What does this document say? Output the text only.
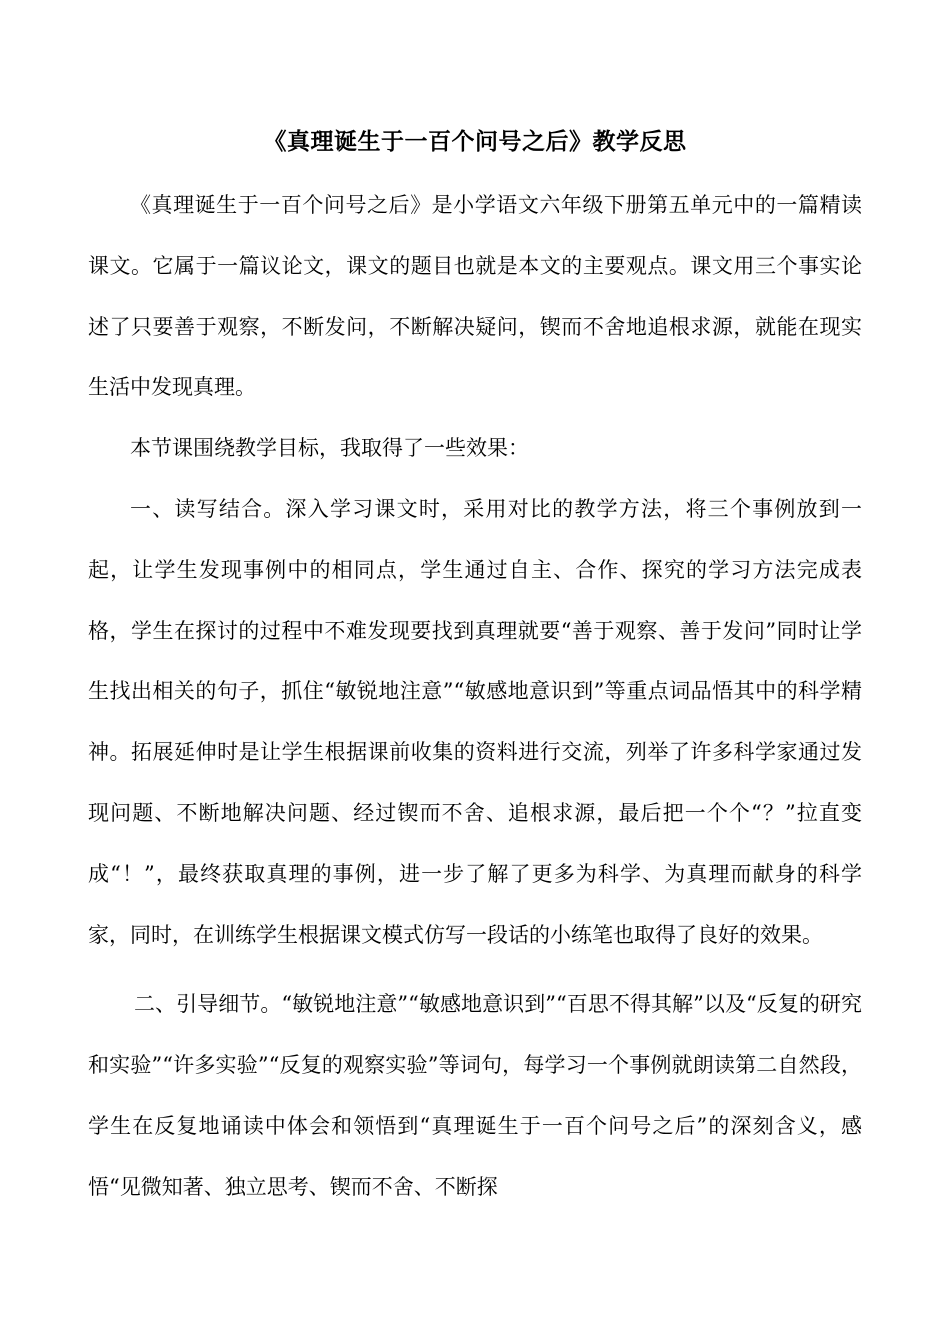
《真理诞生于一百个问号之后》教学反思

《真理诞生于一百个问号之后》是小学语文六年级下册第五单元中的一篇精读课文。它属于一篇议论文，课文的题目也就是本文的主要观点。课文用三个事实论述了只要善于观察，不断发问，不断解决疑问，锲而不舍地追根求源，就能在现实生活中发现真理。

本节课围绕教学目标，我取得了一些效果：

一、读写结合。深入学习课文时，采用对比的教学方法，将三个事例放到一起，让学生发现事例中的相同点，学生通过自主、合作、探究的学习方法完成表格，学生在探讨的过程中不难发现要找到真理就要“善于观察、善于发问”同时让学生找出相关的句子，抓住“敏锐地注意”“敏感地意识到”等重点词品悟其中的科学精神。拓展延伸时是让学生根据课前收集的资料进行交流，列举了许多科学家通过发现问题、不断地解决问题、经过锲而不舍、追根求源，最后把一个个“？”拉直变成“！”，最终获取真理的事例，进一步了解了更多为科学、为真理而献身的科学家，同时，在训练学生根据课文模式仿写一段话的小练笔也取得了良好的效果。

二、引导细节。“敏锐地注意”“敏感地意识到”“百思不得其解”以及“反复的研究和实验”“许多实验”“反复的观察实验”等词句，每学习一个事例就朗读第二自然段，学生在反复地诵读中体会和领悟到“真理诞生于一百个问号之后”的深刻含义，感悟“见微知著、独立思考、锲而不舍、不断探
